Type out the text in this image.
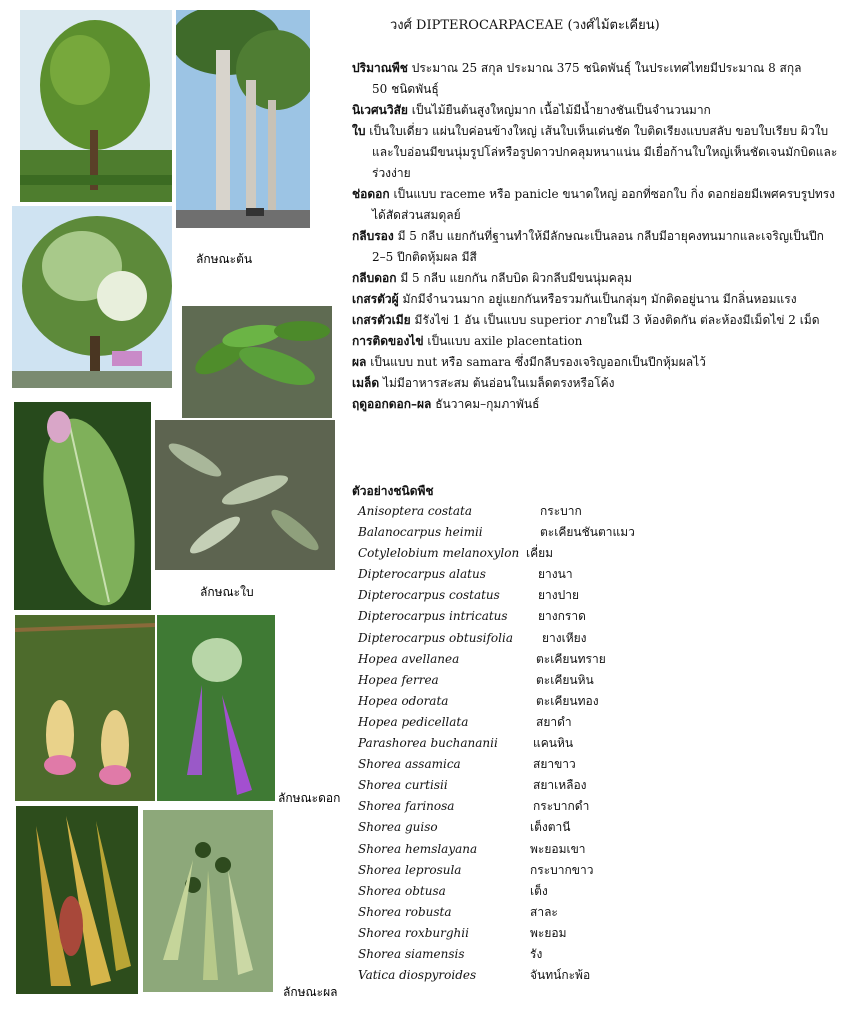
ลักษณะต้น
ลักษณะใบ
ลักษณะดอก
ลักษณะผล
วงศ์ DIPTEROCARPACEAE (วงศ์ไม้ตะเคียน)
ปริมาณพืช ประมาณ 25 สกุล ประมาณ 375 ชนิดพันธุ์ ในประเทศไทยมีประมาณ 8 สกุล 50 ชนิดพันธุ์
นิเวศนวิสัย เป็นไม้ยืนต้นสูงใหญ่มาก เนื้อไม้มีน้ำยางชันเป็นจำนวนมาก
ใบ เป็นใบเดี่ยว แผ่นใบค่อนข้างใหญ่ เส้นใบเห็นเด่นชัด ใบติดเรียงแบบสลับ ขอบใบเรียบ ผิวใบและใบอ่อนมีขนนุ่มรูปโล่หรือรูปดาวปกคลุมหนาแน่น มีเยื่อก้านใบใหญ่เห็นชัดเจนมักบิดและร่วงง่าย
ช่อดอก เป็นแบบ raceme หรือ panicle ขนาดใหญ่ ออกที่ซอกใบ กิ่ง ดอกย่อยมีเพศครบรูปทรงได้สัดส่วนสมดุลย์
กลีบรอง มี 5 กลีบ แยกกันที่ฐานทำให้มีลักษณะเป็นลอน กลีบมีอายุคงทนมากและเจริญเป็นปีก 2–5 ปีกติดหุ้มผล มีสี
กลีบดอก มี 5 กลีบ แยกกัน กลีบบิด ผิวกลีบมีขนนุ่มคลุม
เกสรตัวผู้ มักมีจำนวนมาก อยู่แยกกันหรือรวมกันเป็นกลุ่มๆ มักติดอยู่นาน มีกลิ่นหอมแรง
เกสรตัวเมีย มีรังไข่ 1 อัน เป็นแบบ superior ภายในมี 3 ห้องติดกัน ต่ละห้องมีเม็ดไข่ 2 เม็ด
การติดของไข่ เป็นแบบ axile placentation
ผล เป็นแบบ nut หรือ samara ซึ่งมีกลีบรองเจริญออกเป็นปีกหุ้มผลไว้
เมล็ด ไม่มีอาหารสะสม ต้นอ่อนในเมล็ดตรงหรือโค้ง
ฤดูออกดอก–ผล ธันวาคม–กุมภาพันธ์
ตัวอย่างชนิดพืช
Anisoptera costata	กระบาก
Balanocarpus heimii	ตะเคียนชันตาแมว
Cotylelobium melanoxylon เคี่ยม
Dipterocarpus alatus	ยางนา
Dipterocarpus costatus	ยางปาย
Dipterocarpus intricatus	ยางกราด
Dipterocarpus obtusifolia ยางเหียง
Hopea avellanea	ตะเคียนทราย
Hopea ferrea	ตะเคียนหิน
Hopea odorata	ตะเคียนทอง
Hopea pedicellata	สยาดำ
Parashorea buchananii	แคนหิน
Shorea assamica	สยาขาว
Shorea curtisii	สยาเหลือง
Shorea farinosa	กระบากดำ
Shorea guiso	เต็งตานี
Shorea hemslayana	พะยอมเขา
Shorea leprosula	กระบากขาว
Shorea obtusa	เต็ง
Shorea robusta	สาละ
Shorea roxburghii	พะยอม
Shorea siamensis	รัง
Vatica diospyroides	จันทน์กะพ้อ
